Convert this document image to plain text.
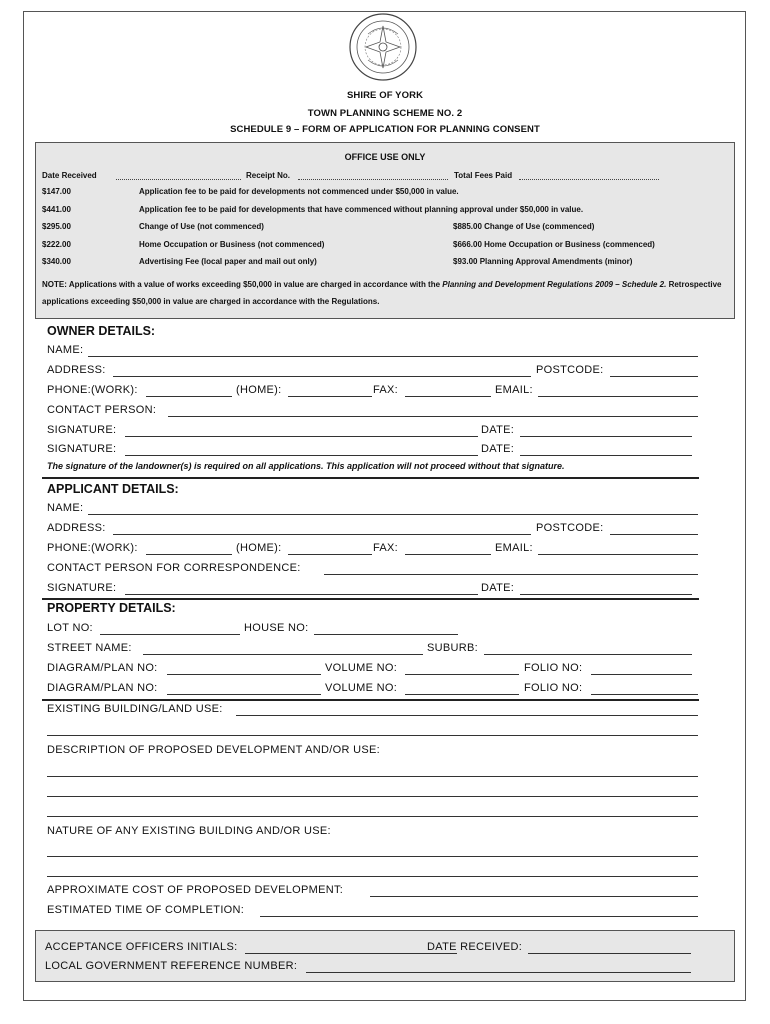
SHIRE OF YORK
TOWN PLANNING SCHEME NO. 2
SCHEDULE 9 – FORM OF APPLICATION FOR PLANNING CONSENT
OFFICE USE ONLY
Date Received	Receipt No.	Total Fees Paid
$147.00	Application fee to be paid for developments not commenced under $50,000 in value.
$441.00	Application fee to be paid for developments that have commenced without planning approval under $50,000 in value.
$295.00	Change of Use (not commenced)	$885.00 Change of Use (commenced)
$222.00	Home Occupation or Business (not commenced)	$666.00 Home Occupation or Business (commenced)
$340.00	Advertising Fee (local paper and mail out only)	$93.00 Planning Approval Amendments (minor)
NOTE: Applications with a value of works exceeding $50,000 in value are charged in accordance with the Planning and Development Regulations 2009 – Schedule 2. Retrospective applications exceeding $50,000 in value are charged in accordance with the Regulations.
OWNER DETAILS:
NAME:
ADDRESS:	POSTCODE:
PHONE:(WORK):	(HOME):	FAX:	EMAIL:
CONTACT PERSON:
SIGNATURE:	DATE:
SIGNATURE:	DATE:
The signature of the landowner(s) is required on all applications. This application will not proceed without that signature.
APPLICANT DETAILS:
NAME:
ADDRESS:	POSTCODE:
PHONE:(WORK):	(HOME):	FAX:	EMAIL:
CONTACT PERSON FOR CORRESPONDENCE:
SIGNATURE:	DATE:
PROPERTY DETAILS:
LOT NO:	HOUSE NO:
STREET NAME:	SUBURB:
DIAGRAM/PLAN NO:	VOLUME NO:	FOLIO NO:
DIAGRAM/PLAN NO:	VOLUME NO:	FOLIO NO:
EXISTING BUILDING/LAND USE:
DESCRIPTION OF PROPOSED DEVELOPMENT AND/OR USE:
NATURE OF ANY EXISTING BUILDING AND/OR USE:
APPROXIMATE COST OF PROPOSED DEVELOPMENT:
ESTIMATED TIME OF COMPLETION:
ACCEPTANCE OFFICERS INITIALS:	DATE RECEIVED:
LOCAL GOVERNMENT REFERENCE NUMBER:
